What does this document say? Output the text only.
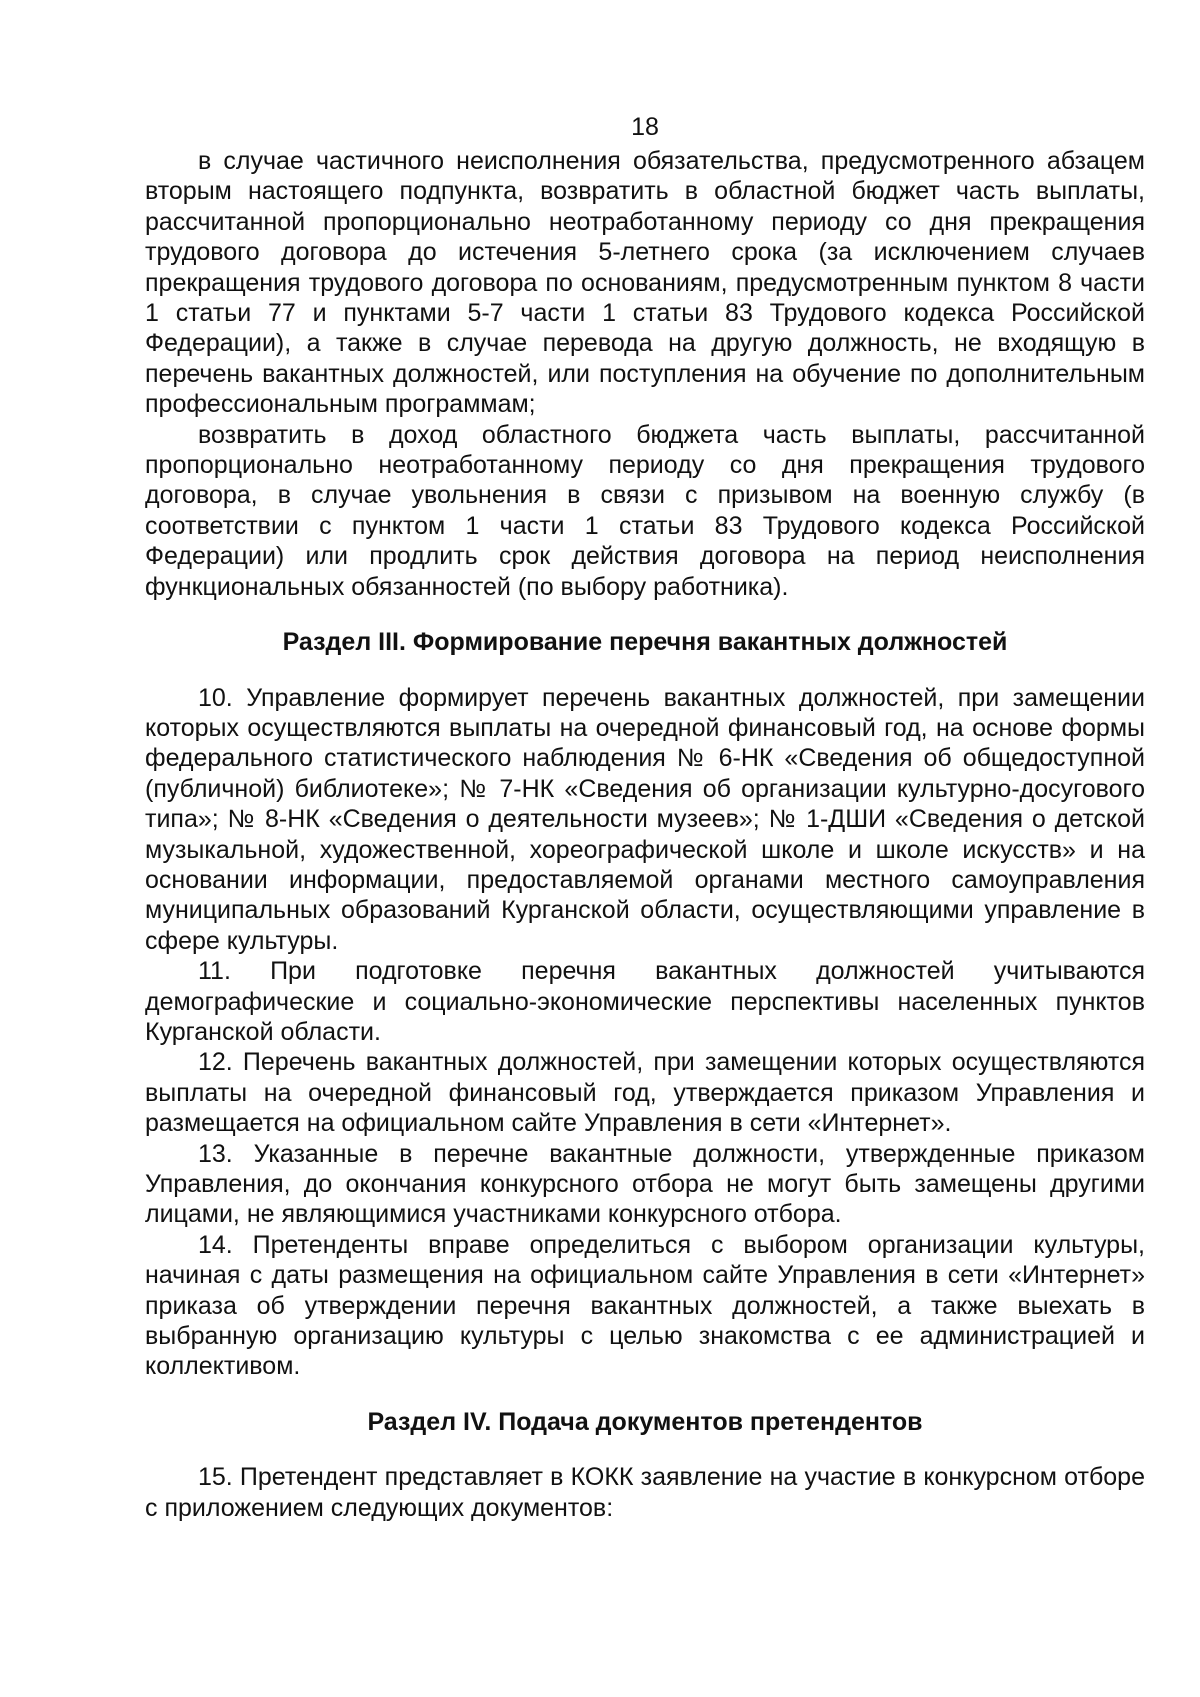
18

в случае частичного неисполнения обязательства, предусмотренного абзацем вторым настоящего подпункта, возвратить в областной бюджет часть выплаты, рассчитанной пропорционально неотработанному периоду со дня прекращения трудового договора до истечения 5-летнего срока (за исключением случаев прекращения трудового договора по основаниям, предусмотренным пунктом 8 части 1 статьи 77 и пунктами 5-7 части 1 статьи 83 Трудового кодекса Российской Федерации), а также в случае перевода на другую должность, не входящую в перечень вакантных должностей, или поступления на обучение по дополнительным профессиональным программам;

возвратить в доход областного бюджета часть выплаты, рассчитанной пропорционально неотработанному периоду со дня прекращения трудового договора, в случае увольнения в связи с призывом на военную службу (в соответствии с пунктом 1 части 1 статьи 83 Трудового кодекса Российской Федерации) или продлить срок действия договора на период неисполнения функциональных обязанностей (по выбору работника).

Раздел III. Формирование перечня вакантных должностей

10. Управление формирует перечень вакантных должностей, при замещении которых осуществляются выплаты на очередной финансовый год, на основе формы федерального статистического наблюдения № 6-НК «Сведения об общедоступной (публичной) библиотеке»; № 7-НК «Сведения об организации культурно-досугового типа»; № 8-НК «Сведения о деятельности музеев»; № 1-ДШИ «Сведения о детской музыкальной, художественной, хореографической школе и школе искусств» и на основании информации, предоставляемой органами местного самоуправления муниципальных образований Курганской области, осуществляющими управление в сфере культуры.

11. При подготовке перечня вакантных должностей учитываются демографические и социально-экономические перспективы населенных пунктов Курганской области.

12. Перечень вакантных должностей, при замещении которых осуществляются выплаты на очередной финансовый год, утверждается приказом Управления и размещается на официальном сайте Управления в сети «Интернет».

13. Указанные в перечне вакантные должности, утвержденные приказом Управления, до окончания конкурсного отбора не могут быть замещены другими лицами, не являющимися участниками конкурсного отбора.

14. Претенденты вправе определиться с выбором организации культуры, начиная с даты размещения на официальном сайте Управления в сети «Интернет» приказа об утверждении перечня вакантных должностей, а также выехать в выбранную организацию культуры с целью знакомства с ее администрацией и коллективом.

Раздел IV. Подача документов претендентов

15. Претендент представляет в КОКК заявление на участие в конкурсном отборе с приложением следующих документов:
